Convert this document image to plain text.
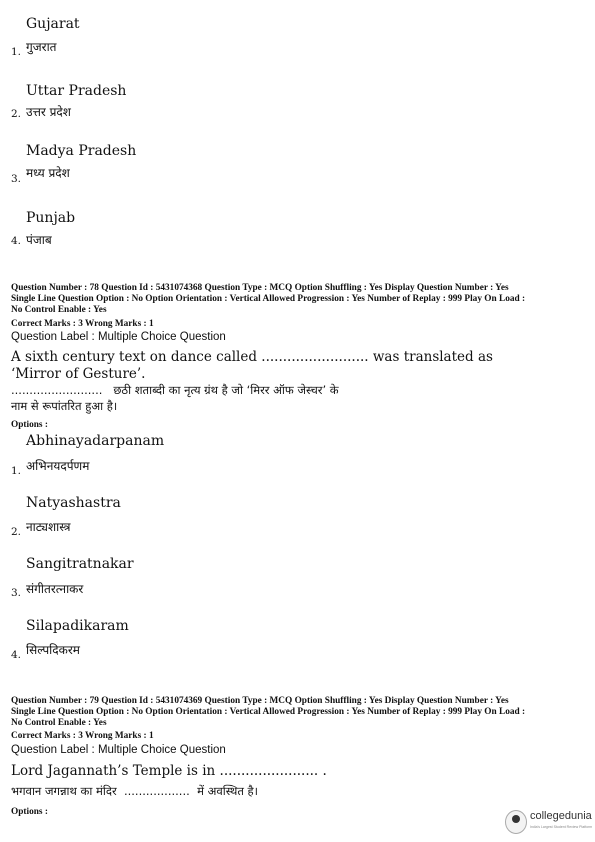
Gujarat
1. गुजरात
Uttar Pradesh
2. उत्तर प्रदेश
Madya Pradesh
3. मध्य प्रदेश
Punjab
4. पंजाब
Question Number : 78 Question Id : 5431074368 Question Type : MCQ Option Shuffling : Yes Display Question Number : Yes
Single Line Question Option : No Option Orientation : Vertical Allowed Progression : Yes Number of Replay : 999 Play On Load :
No Control Enable : Yes
Correct Marks : 3 Wrong Marks : 1
Question Label : Multiple Choice Question
A sixth century text on dance called ......................... was translated as
‘Mirror of Gesture’.
.........................   छठी शताब्दी का नृत्य ग्रंथ है जो ‘मिरर ऑफ जेस्चर’ के
नाम से रूपांतरित हुआ है।
Options :
Abhinayadarpanam
1. अभिनयदर्पणम
Natyashastra
2. नाट्यशास्त्र
Sangitratnakar
3. संगीतरत्नाकर
Silapadikaram
4. सिल्पदिकरम
Question Number : 79 Question Id : 5431074369 Question Type : MCQ Option Shuffling : Yes Display Question Number : Yes
Single Line Question Option : No Option Orientation : Vertical Allowed Progression : Yes Number of Replay : 999 Play On Load :
No Control Enable : Yes
Correct Marks : 3 Wrong Marks : 1
Question Label : Multiple Choice Question
Lord Jagannath’s Temple is in ....................... .
भगवान जगन्नाथ का मंदिर  ..................  में अवस्थित है।
Options :	collegedunia
India's Largest Student Review Platform
